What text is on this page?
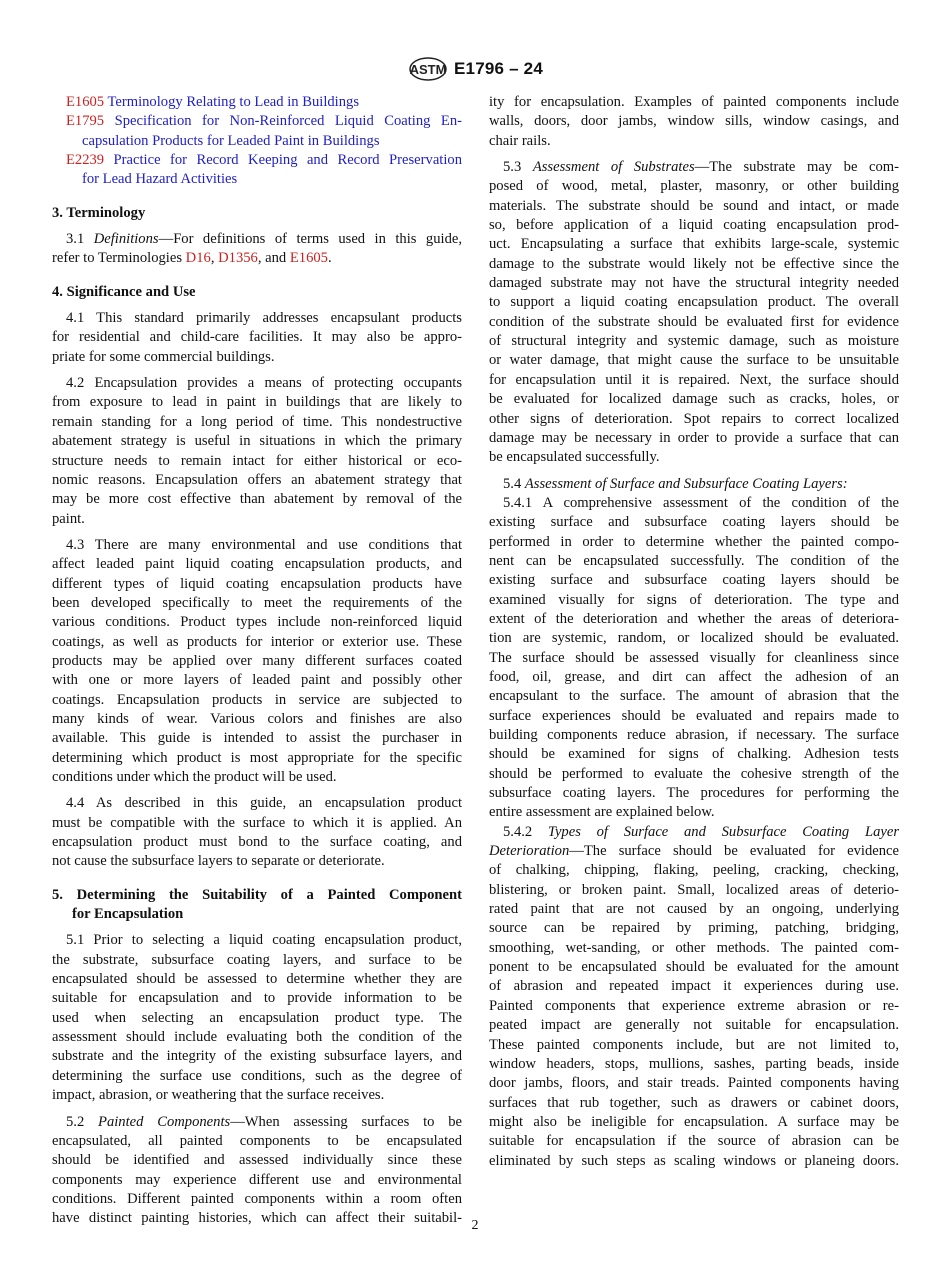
ASTM E1796 – 24
E1605 Terminology Relating to Lead in Buildings
E1795 Specification for Non-Reinforced Liquid Coating En-
capsulation Products for Leaded Paint in Buildings
E2239 Practice for Record Keeping and Record Preservation
for Lead Hazard Activities
3. Terminology
3.1 Definitions—For definitions of terms used in this guide,
refer to Terminologies D16, D1356, and E1605.
4. Significance and Use
4.1 This standard primarily addresses encapsulant products
for residential and child-care facilities. It may also be appro-
priate for some commercial buildings.
4.2 Encapsulation provides a means of protecting occupants
from exposure to lead in paint in buildings that are likely to
remain standing for a long period of time. This nondestructive
abatement strategy is useful in situations in which the primary
structure needs to remain intact for either historical or eco-
nomic reasons. Encapsulation offers an abatement strategy that
may be more cost effective than abatement by removal of the
paint.
4.3 There are many environmental and use conditions that
affect leaded paint liquid coating encapsulation products, and
different types of liquid coating encapsulation products have
been developed specifically to meet the requirements of the
various conditions. Product types include non-reinforced liquid
coatings, as well as products for interior or exterior use. These
products may be applied over many different surfaces coated
with one or more layers of leaded paint and possibly other
coatings. Encapsulation products in service are subjected to
many kinds of wear. Various colors and finishes are also
available. This guide is intended to assist the purchaser in
determining which product is most appropriate for the specific
conditions under which the product will be used.
4.4 As described in this guide, an encapsulation product
must be compatible with the surface to which it is applied. An
encapsulation product must bond to the surface coating, and
not cause the subsurface layers to separate or deteriorate.
5. Determining the Suitability of a Painted Component
for Encapsulation
5.1 Prior to selecting a liquid coating encapsulation product,
the substrate, subsurface coating layers, and surface to be
encapsulated should be assessed to determine whether they are
suitable for encapsulation and to provide information to be
used when selecting an encapsulation product type. The
assessment should include evaluating both the condition of the
substrate and the integrity of the existing subsurface layers, and
determining the surface use conditions, such as the degree of
impact, abrasion, or weathering that the surface receives.
5.2 Painted Components—When assessing surfaces to be
encapsulated, all painted components to be encapsulated
should be identified and assessed individually since these
components may experience different use and environmental
conditions. Different painted components within a room often
have distinct painting histories, which can affect their suitabil-
ity for encapsulation. Examples of painted components include
walls, doors, door jambs, window sills, window casings, and
chair rails.
5.3 Assessment of Substrates—The substrate may be com-
posed of wood, metal, plaster, masonry, or other building
materials. The substrate should be sound and intact, or made
so, before application of a liquid coating encapsulation prod-
uct. Encapsulating a surface that exhibits large-scale, systemic
damage to the substrate would likely not be effective since the
damaged substrate may not have the structural integrity needed
to support a liquid coating encapsulation product. The overall
condition of the substrate should be evaluated first for evidence
of structural integrity and systemic damage, such as moisture
or water damage, that might cause the surface to be unsuitable
for encapsulation until it is repaired. Next, the surface should
be evaluated for localized damage such as cracks, holes, or
other signs of deterioration. Spot repairs to correct localized
damage may be necessary in order to provide a surface that can
be encapsulated successfully.
5.4 Assessment of Surface and Subsurface Coating Layers:
5.4.1 A comprehensive assessment of the condition of the
existing surface and subsurface coating layers should be
performed in order to determine whether the painted compo-
nent can be encapsulated successfully. The condition of the
existing surface and subsurface coating layers should be
examined visually for signs of deterioration. The type and
extent of the deterioration and whether the areas of deteriora-
tion are systemic, random, or localized should be evaluated.
The surface should be assessed visually for cleanliness since
food, oil, grease, and dirt can affect the adhesion of an
encapsulant to the surface. The amount of abrasion that the
surface experiences should be evaluated and repairs made to
building components reduce abrasion, if necessary. The surface
should be examined for signs of chalking. Adhesion tests
should be performed to evaluate the cohesive strength of the
subsurface coating layers. The procedures for performing the
entire assessment are explained below.
5.4.2 Types of Surface and Subsurface Coating Layer
Deterioration—The surface should be evaluated for evidence
of chalking, chipping, flaking, peeling, cracking, checking,
blistering, or broken paint. Small, localized areas of deterio-
rated paint that are not caused by an ongoing, underlying
source can be repaired by priming, patching, bridging,
smoothing, wet-sanding, or other methods. The painted com-
ponent to be encapsulated should be evaluated for the amount
of abrasion and repeated impact it experiences during use.
Painted components that experience extreme abrasion or re-
peated impact are generally not suitable for encapsulation.
These painted components include, but are not limited to,
window headers, stops, mullions, sashes, parting beads, inside
door jambs, floors, and stair treads. Painted components having
surfaces that rub together, such as drawers or cabinet doors,
might also be ineligible for encapsulation. A surface may be
suitable for encapsulation if the source of abrasion can be
eliminated by such steps as scaling windows or planeing doors.
2
